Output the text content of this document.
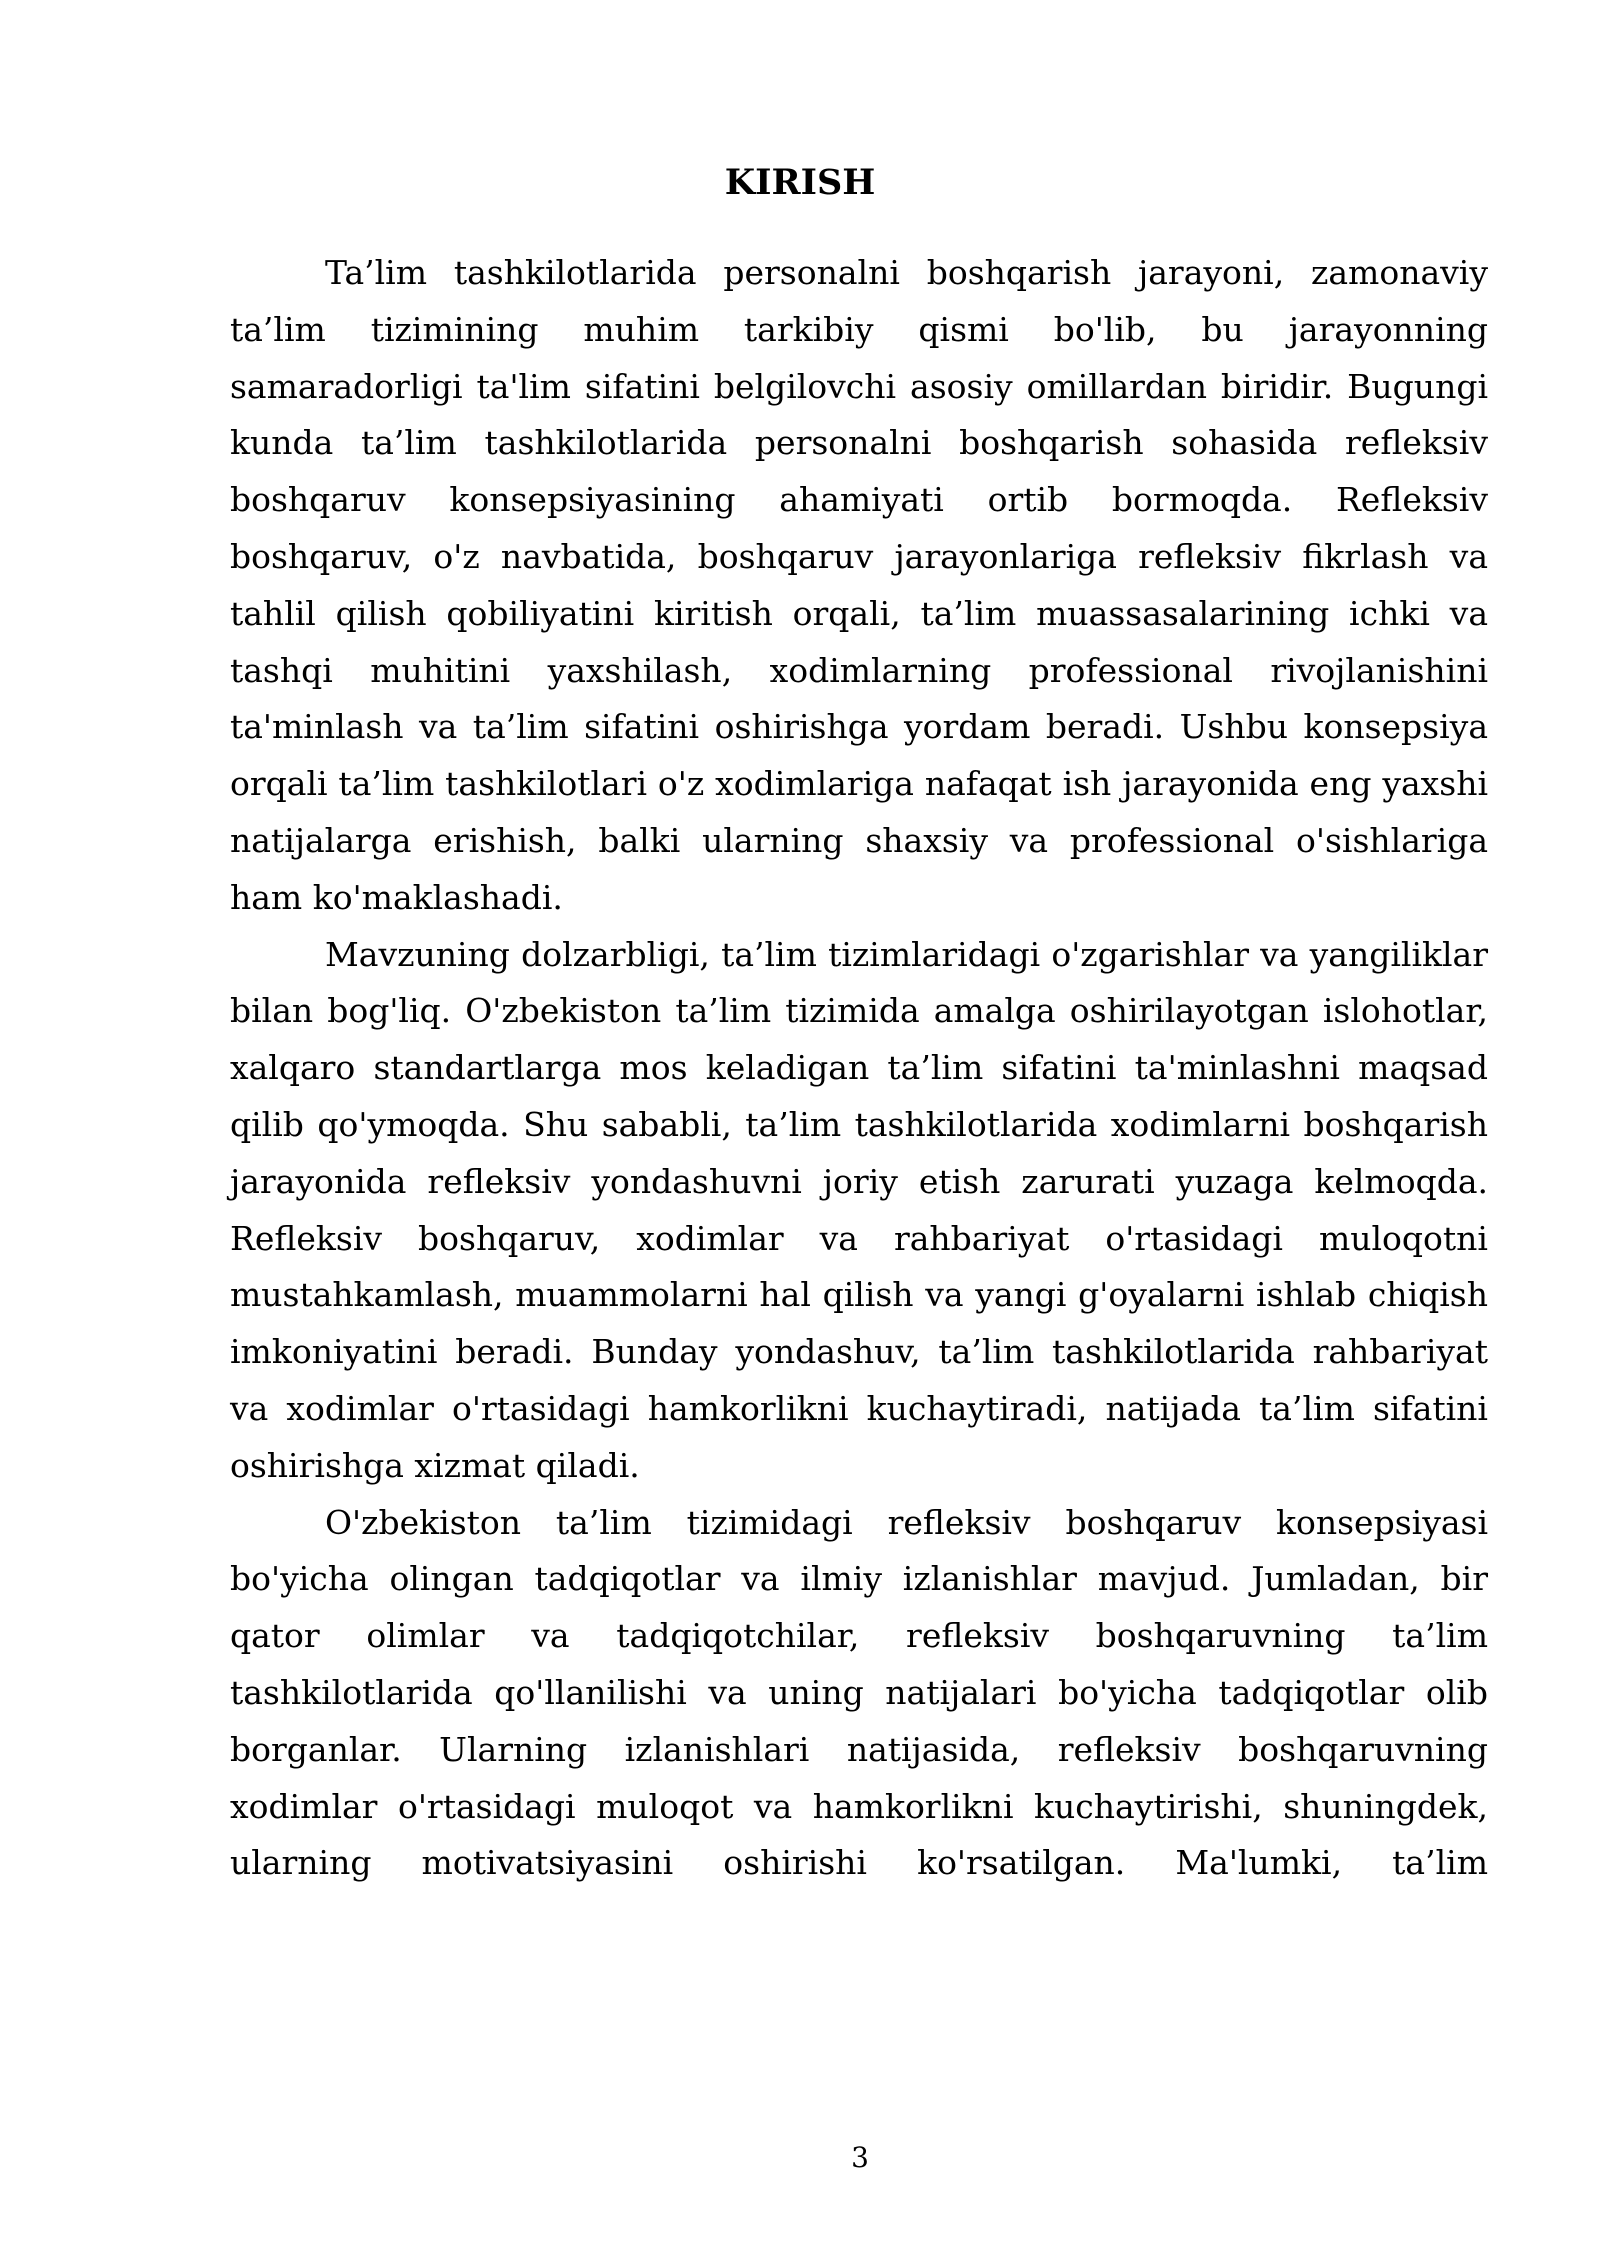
KIRISH

Ta’lim tashkilotlarida personalni boshqarish jarayoni, zamonaviy ta’lim tizimining muhim tarkibiy qismi bo'lib, bu jarayonning samaradorligi ta'lim sifatini belgilovchi asosiy omillardan biridir. Bugungi kunda ta’lim tashkilotlarida personalni boshqarish sohasida refleksiv boshqaruv konsepsiyasining ahamiyati ortib bormoqda. Refleksiv boshqaruv, o'z navbatida, boshqaruv jarayonlariga refleksiv fikrlash va tahlil qilish qobiliyatini kiritish orqali, ta’lim muassasalarining ichki va tashqi muhitini yaxshilash, xodimlarning professional rivojlanishini ta'minlash va ta’lim sifatini oshirishga yordam beradi. Ushbu konsepsiya orqali ta’lim tashkilotlari o'z xodimlariga nafaqat ish jarayonida eng yaxshi natijalarga erishish, balki ularning shaxsiy va professional o'sishlariga ham ko'maklashadi.

Mavzuning dolzarbligi, ta’lim tizimlaridagi o'zgarishlar va yangiliklar bilan bog'liq. O'zbekiston ta’lim tizimida amalga oshirilayotgan islohotlar, xalqaro standartlarga mos keladigan ta’lim sifatini ta'minlashni maqsad qilib qo'ymoqda. Shu sababli, ta’lim tashkilotlarida xodimlarni boshqarish jarayonida refleksiv yondashuvni joriy etish zarurati yuzaga kelmoqda. Refleksiv boshqaruv, xodimlar va rahbariyat o'rtasidagi muloqotni mustahkamlash, muammolarni hal qilish va yangi g'oyalarni ishlab chiqish imkoniyatini beradi. Bunday yondashuv, ta’lim tashkilotlarida rahbariyat va xodimlar o'rtasidagi hamkorlikni kuchaytiradi, natijada ta’lim sifatini oshirishga xizmat qiladi.

O'zbekiston ta’lim tizimidagi refleksiv boshqaruv konsepsiyasi bo'yicha olingan tadqiqotlar va ilmiy izlanishlar mavjud. Jumladan, bir qator olimlar va tadqiqotchilar, refleksiv boshqaruvning ta’lim tashkilotlarida qo'llanilishi va uning natijalari bo'yicha tadqiqotlar olib borganlar. Ularning izlanishlari natijasida, refleksiv boshqaruvning xodimlar o'rtasidagi muloqot va hamkorlikni kuchaytirishi, shuningdek, ularning motivatsiyasini oshirishi ko'rsatilgan. Ma'lumki, ta’lim

3
